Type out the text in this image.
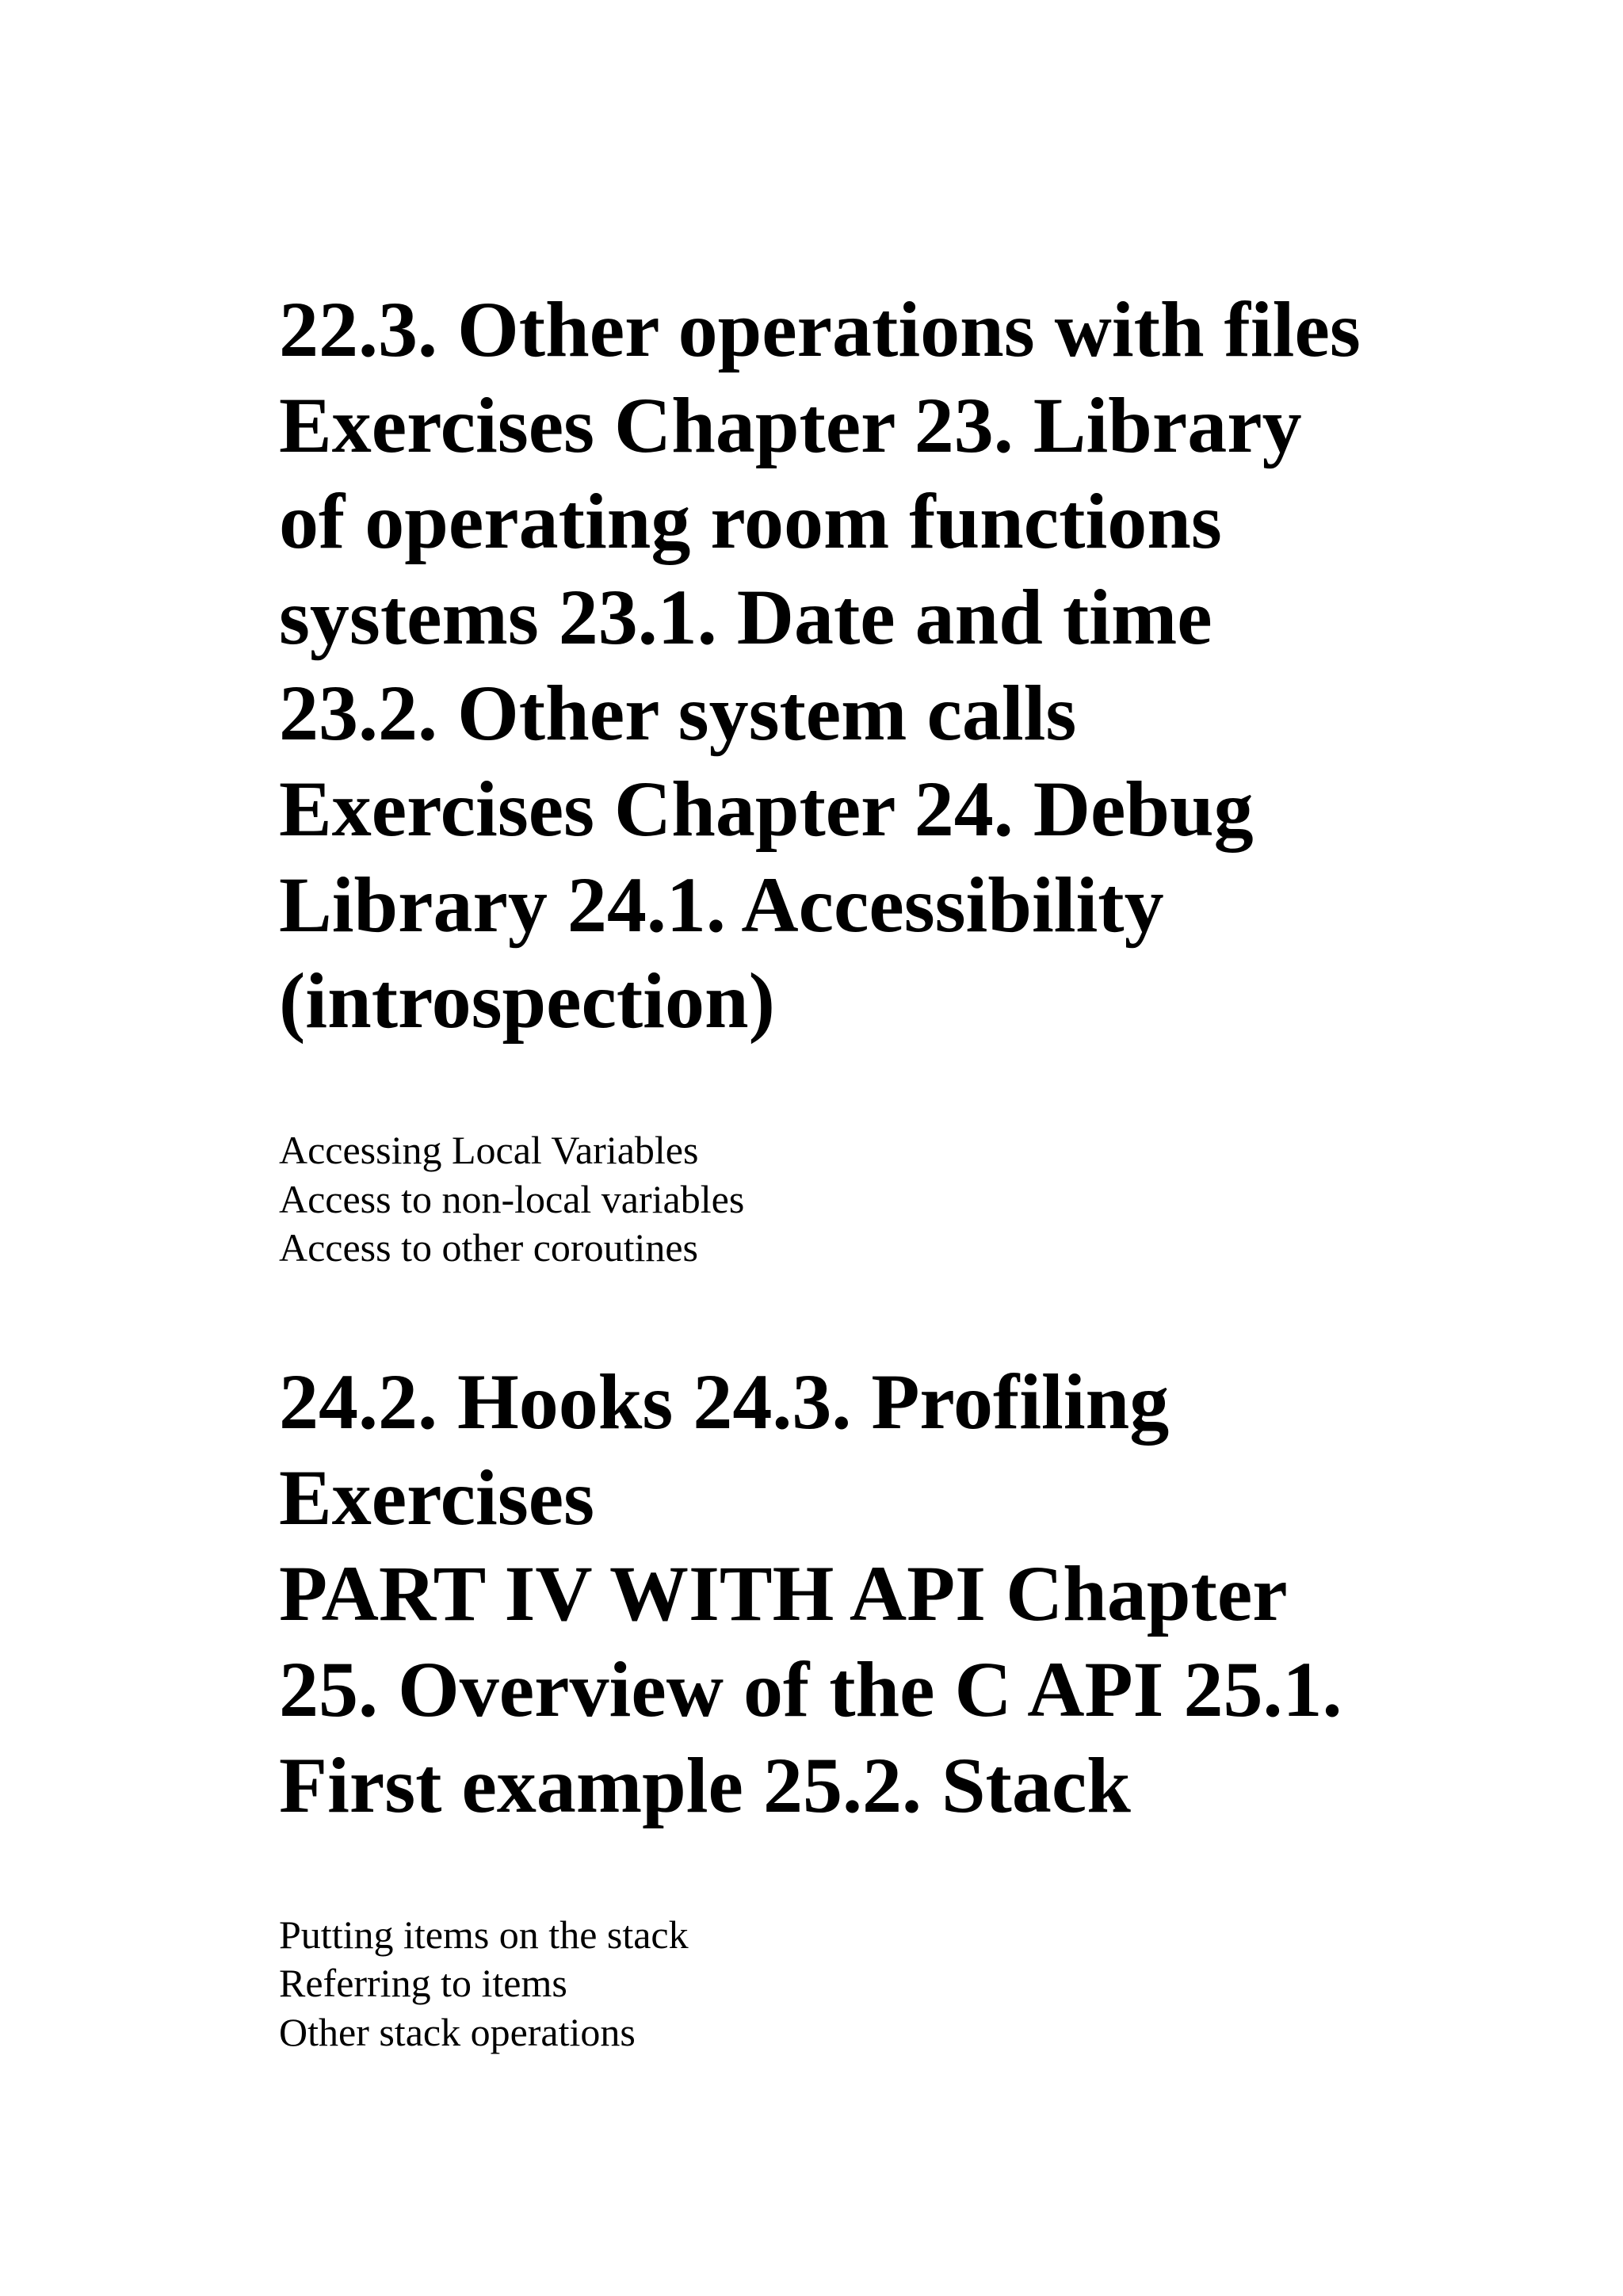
22.3. Other operations with files Exercises Chapter 23. Library of operating room functions systems 23.1. Date and time 23.2. Other system calls Exercises Chapter 24. Debug Library 24.1. Accessibility (introspection)
Accessing Local Variables
Access to non-local variables
Access to other coroutines
24.2. Hooks 24.3. Profiling Exercises
PART IV WITH API Chapter 25. Overview of the C API 25.1. First example 25.2. Stack
Putting items on the stack
Referring to items
Other stack operations
